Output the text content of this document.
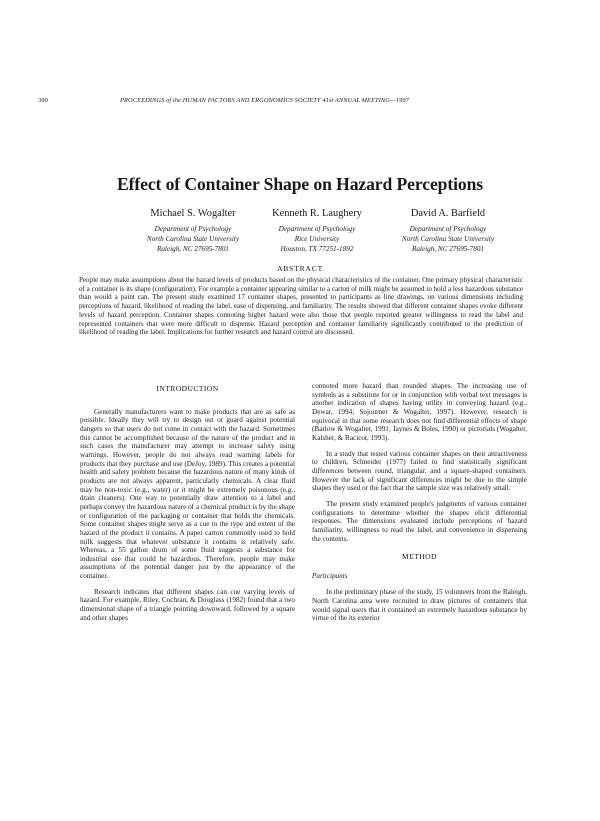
390	PROCEEDINGS of the HUMAN FACTORS AND ERGONOMICS SOCIETY 41st ANNUAL MEETING—1997
Effect of Container Shape on Hazard Perceptions
Michael S. Wogalter
Department of Psychology
North Carolina State University
Raleigh, NC 27695-7801
Kenneth R. Laughery
Department of Psychology
Rice University
Houston, TX 77251-1892
David A. Barfield
Department of Psychology
North Carolina State University
Raleigh, NC 27695-7801
ABSTRACT
People may make assumptions about the hazard levels of products based on the physical characteristics of the container. One primary physical characteristic of a container is its shape (configuration). For example a container appearing similar to a carton of milk might be assumed to hold a less hazardous substance than would a paint can. The present study examined 17 container shapes, presented to participants as line drawings, on various dimensions including perceptions of hazard, likelihood of reading the label, ease of dispensing, and familiarity. The results showed that different container shapes evoke different levels of hazard perception. Container shapes connoting higher hazard were also those that people reported greater willingness to read the label and represented containers that were more difficult to dispense. Hazard perception and container familiarity significantly contributed to the prediction of likelihood of reading the label. Implications for further research and hazard control are discussed.
INTRODUCTION

Generally manufacturers want to make products that are as safe as possible. Ideally they will try to design out or guard against potential dangers so that users do not come in contact with the hazard. Sometimes this cannot be accomplished because of the nature of the product and in such cases the manufacturer may attempt to increase safety using warnings. However, people do not always read warning labels for products that they purchase and use (DeJoy, 1989). This creates a potential health and safety problem because the hazardous nature of many kinds of products are not always apparent, particularly chemicals. A clear fluid may be non-toxic (e.g., water) or it might be extremely poisonous (e.g., drain cleaners). One way to potentially draw attention to a label and perhaps convey the hazardous nature of a chemical product is by the shape or configuration of the packaging or container that holds the chemicals. Some container shapes might serve as a cue to the type and extent of the hazard of the product it contains. A paper carton commonly used to hold milk suggests that whatever substance it contains is relatively safe. Whereas, a 55 gallon drum of some fluid suggests a substance for industrial use that could be hazardous. Therefore, people may make assumptions of the potential danger just by the appearance of the container.

Research indicates that different shapes can cue varying levels of hazard. For example, Riley, Cochran, & Douglass (1982) found that a two dimensional shape of a triangle pointing downward, followed by a square and other shapes

connoted more hazard than rounded shapes. The increasing use of symbols as a substitute for or in conjunction with verbal text messages is another indication of shapes having utility in conveying hazard (e.g., Dewar, 1994; Sojourner & Wogalter, 1997). However, research is equivocal in that some research does not find differential effects of shape (Barlow & Wogalter, 1991; Jaynes & Boles, 1990) or pictorials (Wogalter, Kalsher, & Racicot, 1993).

In a study that tested various container shapes on their attractiveness to children, Schneider (1977) failed to find statistically significant differences between round, triangular, and a square-shaped containers. However the lack of significant differences might be due to the simple shapes they used or the fact that the sample size was relatively small.

The present study examined people's judgments of various container configurations to determine whether the shapes elicit differential responses. The dimensions evaluated include perceptions of hazard familiarity, willingness to read the label, and convenience in dispensing the contents.

METHOD
Participants

In the preliminary phase of the study, 15 volunteers from the Raleigh, North Carolina area were recruited to draw pictures of containers that would signal users that it contained an extremely hazardous substance by virtue of the its exterior
